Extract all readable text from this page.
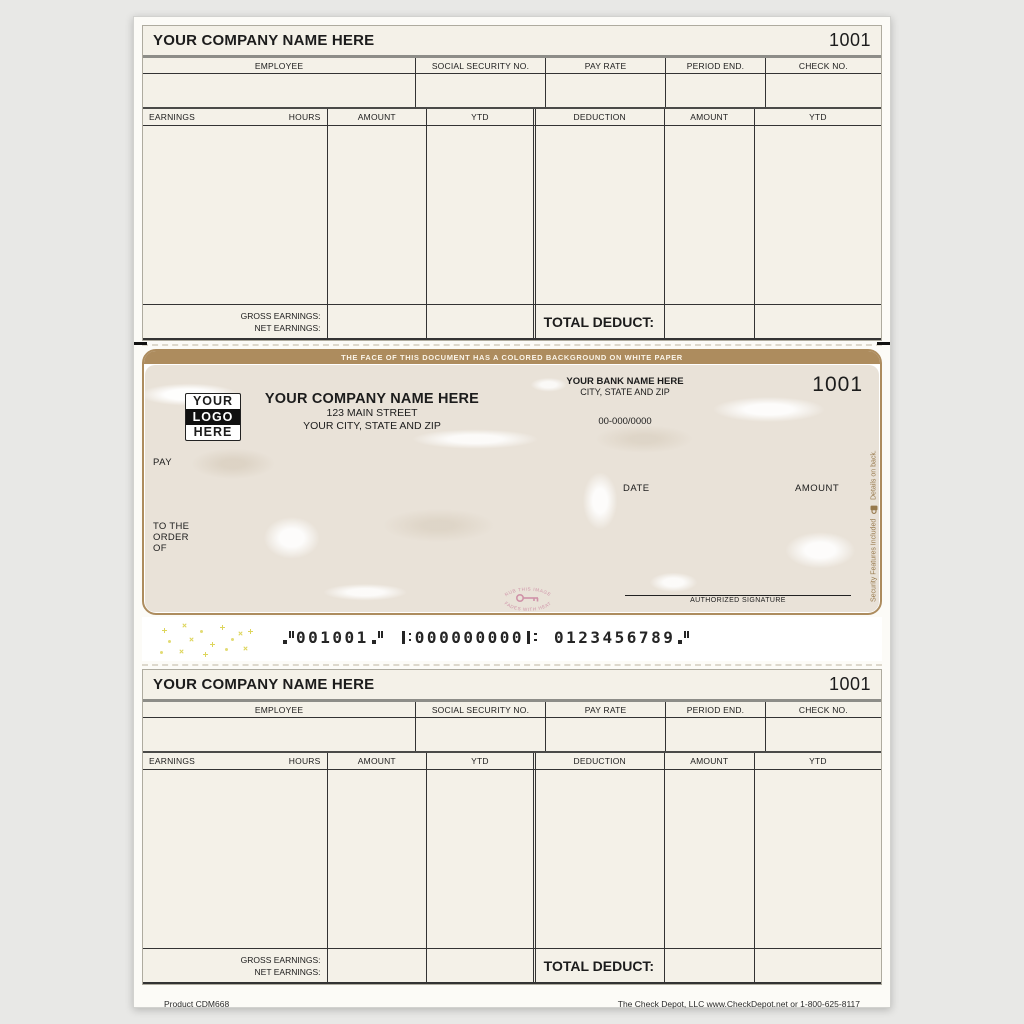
YOUR COMPANY NAME HERE	1001
EMPLOYEE	SOCIAL SECURITY NO.	PAY RATE	PERIOD END.	CHECK NO.
EARNINGS	HOURS	AMOUNT	YTD	DEDUCTION	AMOUNT	YTD
GROSS EARNINGS:
NET EARNINGS:	TOTAL DEDUCT:
THE FACE OF THIS DOCUMENT HAS A COLORED BACKGROUND ON WHITE PAPER
YOUR
LOGO
HERE
YOUR COMPANY NAME HERE
123 MAIN STREET
YOUR CITY, STATE AND ZIP
YOUR BANK NAME HERE
CITY, STATE AND ZIP
00-000/0000
1001
PAY
DATE	AMOUNT
TO THE
ORDER
OF
RUB THIS IMAGE
FADES WITH HEAT	AUTHORIZED SIGNATURE	Security Features Included
Details on back.
001001	000000000 0123456789
YOUR COMPANY NAME HERE	1001
EMPLOYEE	SOCIAL SECURITY NO.	PAY RATE	PERIOD END.	CHECK NO.
EARNINGS	HOURS	AMOUNT	YTD	DEDUCTION	AMOUNT	YTD
GROSS EARNINGS:
NET EARNINGS:	TOTAL DEDUCT:
Product CDM668	The Check Depot, LLC www.CheckDepot.net or 1-800-625-8117
